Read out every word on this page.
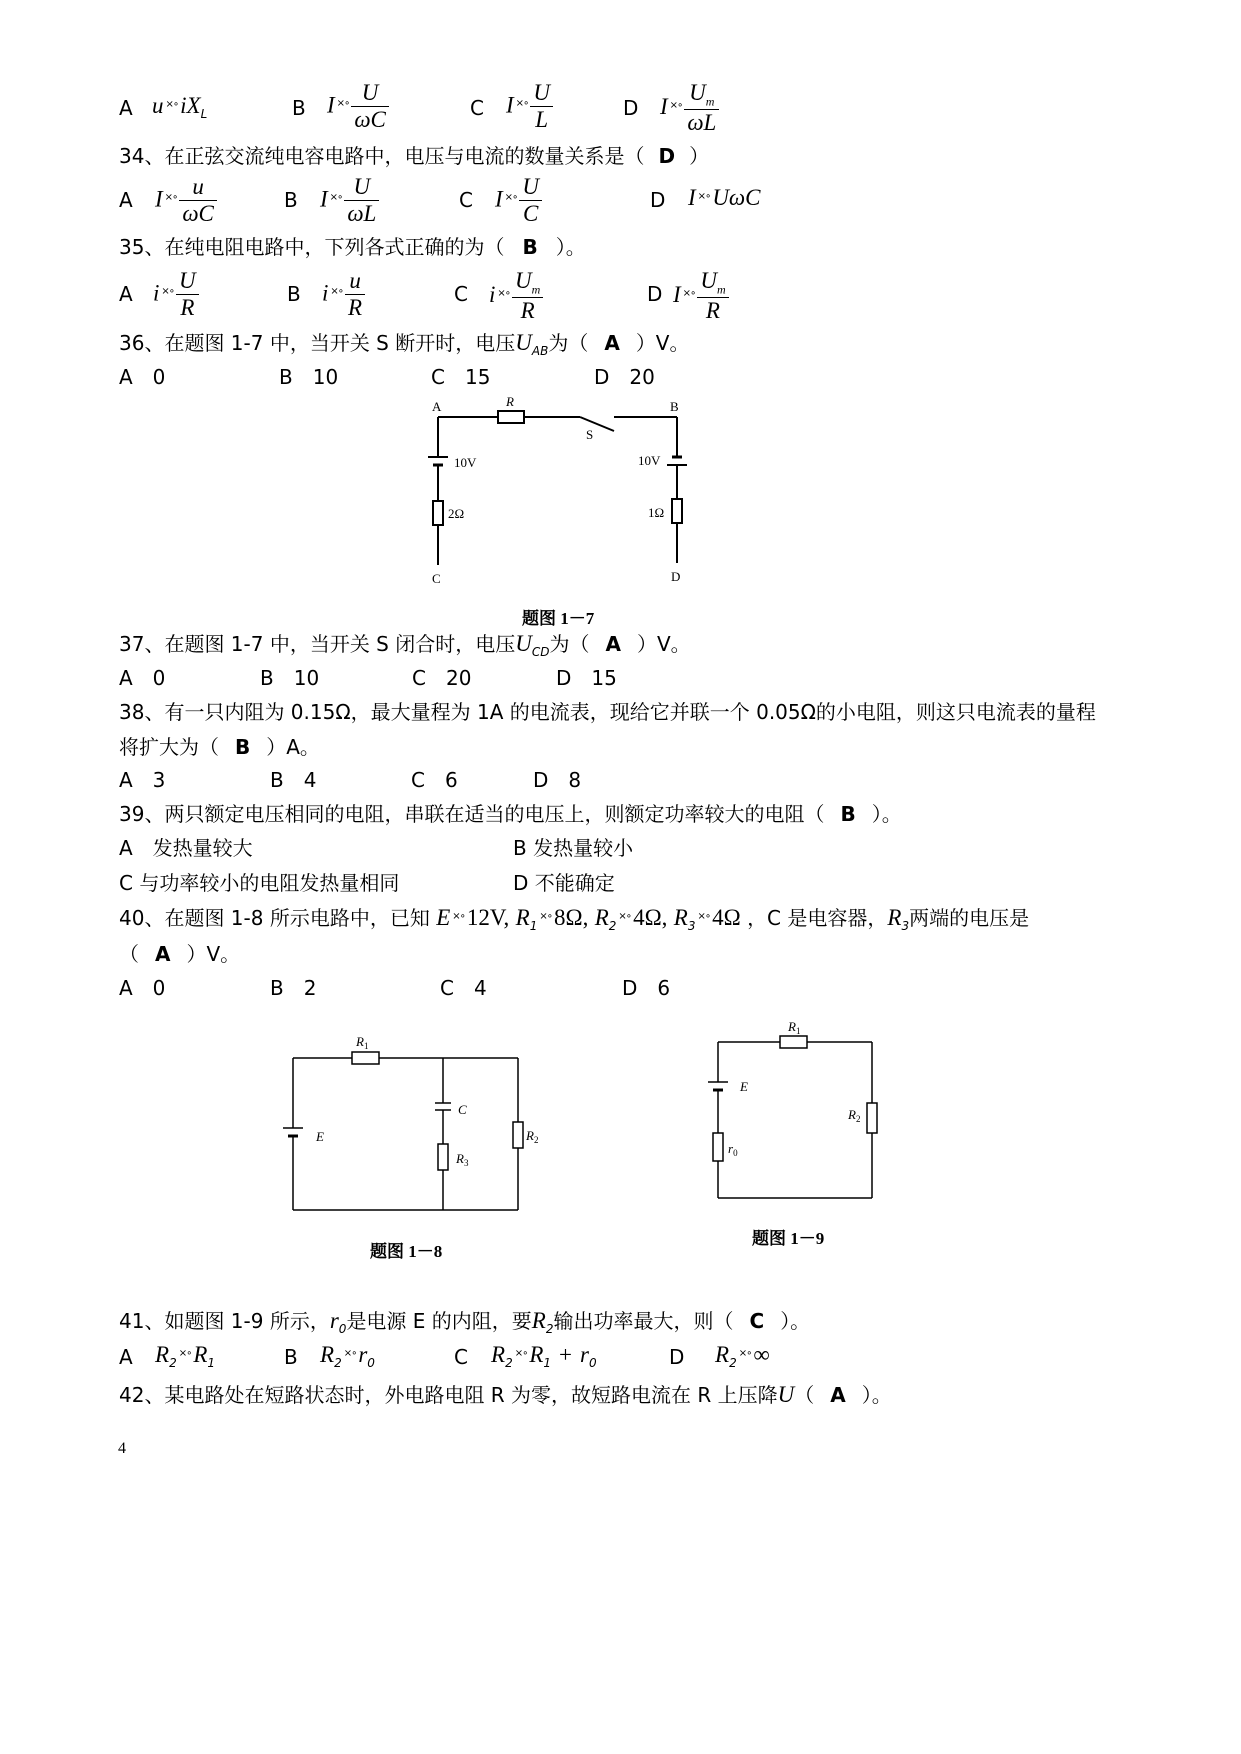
A u $^{\times\circ}iX_L$	B I $^{\times\circ} \frac{U}{\omega C}$	C I $^{\times\circ} \frac{U}{L}$	D I $^{\times\circ} \frac{U_m}{\omega L}$
34、在正弦交流纯电容电路中，电压与电流的数量关系是（ D ）
A I $^{\times\circ} \frac{u}{\omega C}$	B I $^{\times\circ} \frac{U}{\omega L}$	C I $^{\times\circ} \frac{U}{C}$	D I ×∘UωC
35、在纯电阻电路中，下列各式正确的为（ B ）。
A i $^{\times\circ} \frac{U}{R}$	B i $^{\times\circ} \frac{u}{R}$	C i $^{\times\circ} \frac{U_m}{R}$	D I $^{\times\circ} \frac{U_m}{R}$
36、在题图 1-7 中，当开关 S 断开时，电压$U_{AB}$为（ A ）V。
A　0	B　10	C　15	D　20
A	B
C	D
R
S
10V	10V
2Ω	1Ω
题图 1－7
37、在题图 1-7 中，当开关 S 闭合时，电压$U_{CD}$为（ A ）V。
A　0	B　10	C　20	D　15
38、有一只内阻为 0.15Ω，最大量程为 1A 的电流表，现给它并联一个 0.05Ω的小电阻，则这只电流表的量程
将扩大为（ B ）A。
A　3	B　4	C　6	D　8
39、两只额定电压相同的电阻，串联在适当的电压上，则额定功率较大的电阻（ B ）。
A　发热量较大	B 发热量较小
C 与功率较小的电阻发热量相同	D 不能确定
40、在题图 1-8 所示电路中，已知 E ×∘12V, $R_1^{\times\circ}8\Omega$, $R_2^{\times\circ}4\Omega$, $R_3^{\times\circ}4\Omega$ ，C 是电容器，$R_3$两端的电压是
（ A ）V。
A　0	B　2	C　4	D　6
$R_1$
C
E
$R_3$
$R_2$
题图 1－8
$R_1$
E
$r_0$
$R_2$
题图 1－9
41、如题图 1-9 所示，$r_0$是电源 E 的内阻，要$R_2$输出功率最大，则（ C ）。
A $R_2^{\times\circ}R_1$	B $R_2^{\times\circ}r_0$	C $R_2^{\times\circ}R_1 + r_0$	D $R_2^{\times\circ}\infty$
42、某电路处在短路状态时，外电路电阻 R 为零，故短路电流在 R 上压降U（ A ）。
4
